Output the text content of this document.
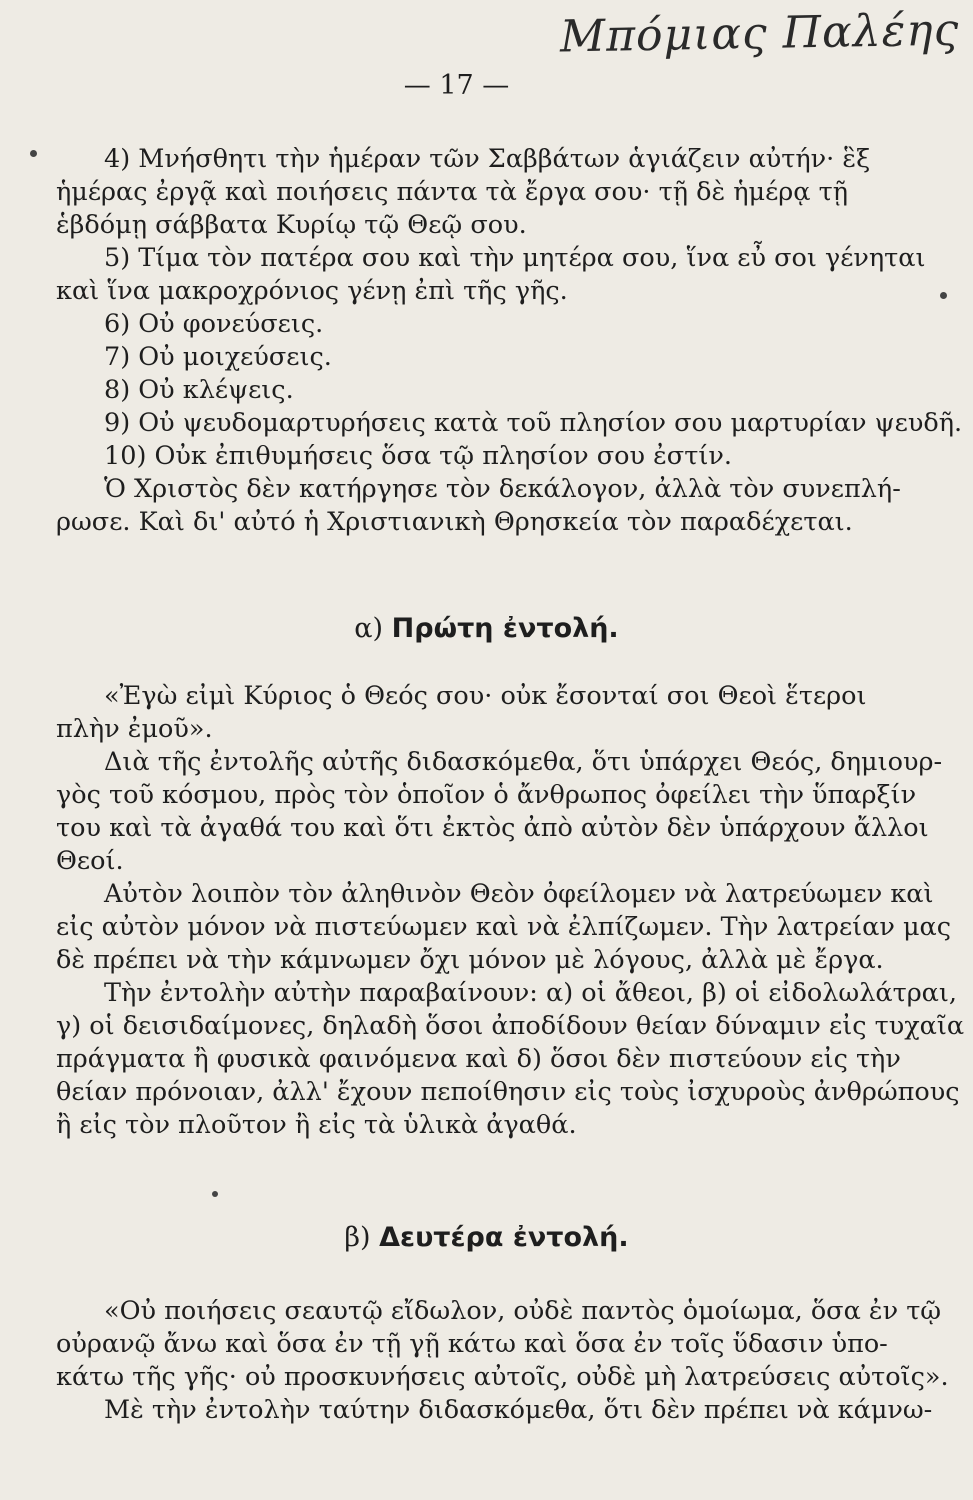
Μπόμιας Παλέης
— 17 —
4) Μνήσθητι τὴν ἡμέραν τῶν Σαββάτων ἁγιάζειν αὐτήν· ἓξ
ἡμέρας ἐργᾷ καὶ ποιήσεις πάντα τὰ ἔργα σου· τῇ δὲ ἡμέρᾳ τῇ
ἑβδόμῃ σάββατα Κυρίῳ τῷ Θεῷ σου.
5) Τίμα τὸν πατέρα σου καὶ τὴν μητέρα σου, ἵνα εὖ σοι γένηται
καὶ ἵνα μακροχρόνιος γένῃ ἐπὶ τῆς γῆς.
6) Οὐ φονεύσεις.
7) Οὐ μοιχεύσεις.
8) Οὐ κλέψεις.
9) Οὐ ψευδομαρτυρήσεις κατὰ τοῦ πλησίον σου μαρτυρίαν ψευδῆ.
10) Οὐκ ἐπιθυμήσεις ὅσα τῷ πλησίον σου ἐστίν.
Ὁ Χριστὸς δὲν κατήργησε τὸν δεκάλογον, ἀλλὰ τὸν συνεπλή-
ρωσε. Καὶ δι' αὐτό ἡ Χριστιανικὴ Θρησκεία τὸν παραδέχεται.
α) Πρώτη ἐντολή.
«Ἐγὼ εἰμὶ Κύριος ὁ Θεός σου· οὐκ ἔσονταί σοι Θεοὶ ἕτεροι
πλὴν ἐμοῦ».
Διὰ τῆς ἐντολῆς αὐτῆς διδασκόμεθα, ὅτι ὑπάρχει Θεός, δημιουρ-
γὸς τοῦ κόσμου, πρὸς τὸν ὁποῖον ὁ ἄνθρωπος ὀφείλει τὴν ὕπαρξίν
του καὶ τὰ ἀγαθά του καὶ ὅτι ἐκτὸς ἀπὸ αὐτὸν δὲν ὑπάρχουν ἄλλοι
Θεοί.
Αὐτὸν λοιπὸν τὸν ἀληθινὸν Θεὸν ὀφείλομεν νὰ λατρεύωμεν καὶ
εἰς αὐτὸν μόνον νὰ πιστεύωμεν καὶ νὰ ἐλπίζωμεν. Τὴν λατρείαν μας
δὲ πρέπει νὰ τὴν κάμνωμεν ὄχι μόνον μὲ λόγους, ἀλλὰ μὲ ἔργα.
Τὴν ἐντολὴν αὐτὴν παραβαίνουν: α) οἱ ἄθεοι, β) οἱ εἰδολωλάτραι,
γ) οἱ δεισιδαίμονες, δηλαδὴ ὅσοι ἀποδίδουν θείαν δύναμιν εἰς τυχαῖα
πράγματα ἢ φυσικὰ φαινόμενα καὶ δ) ὅσοι δὲν πιστεύουν εἰς τὴν
θείαν πρόνοιαν, ἀλλ' ἔχουν πεποίθησιν εἰς τοὺς ἰσχυροὺς ἀνθρώπους
ἢ εἰς τὸν πλοῦτον ἢ εἰς τὰ ὑλικὰ ἀγαθά.
β) Δευτέρα ἐντολή.
«Οὐ ποιήσεις σεαυτῷ εἴδωλον, οὐδὲ παντὸς ὁμοίωμα, ὅσα ἐν τῷ
οὐρανῷ ἄνω καὶ ὅσα ἐν τῇ γῇ κάτω καὶ ὅσα ἐν τοῖς ὕδασιν ὑπο-
κάτω τῆς γῆς· οὐ προσκυνήσεις αὐτοῖς, οὐδὲ μὴ λατρεύσεις αὐτοῖς».
Μὲ τὴν ἐντολὴν ταύτην διδασκόμεθα, ὅτι δὲν πρέπει νὰ κάμνω-
